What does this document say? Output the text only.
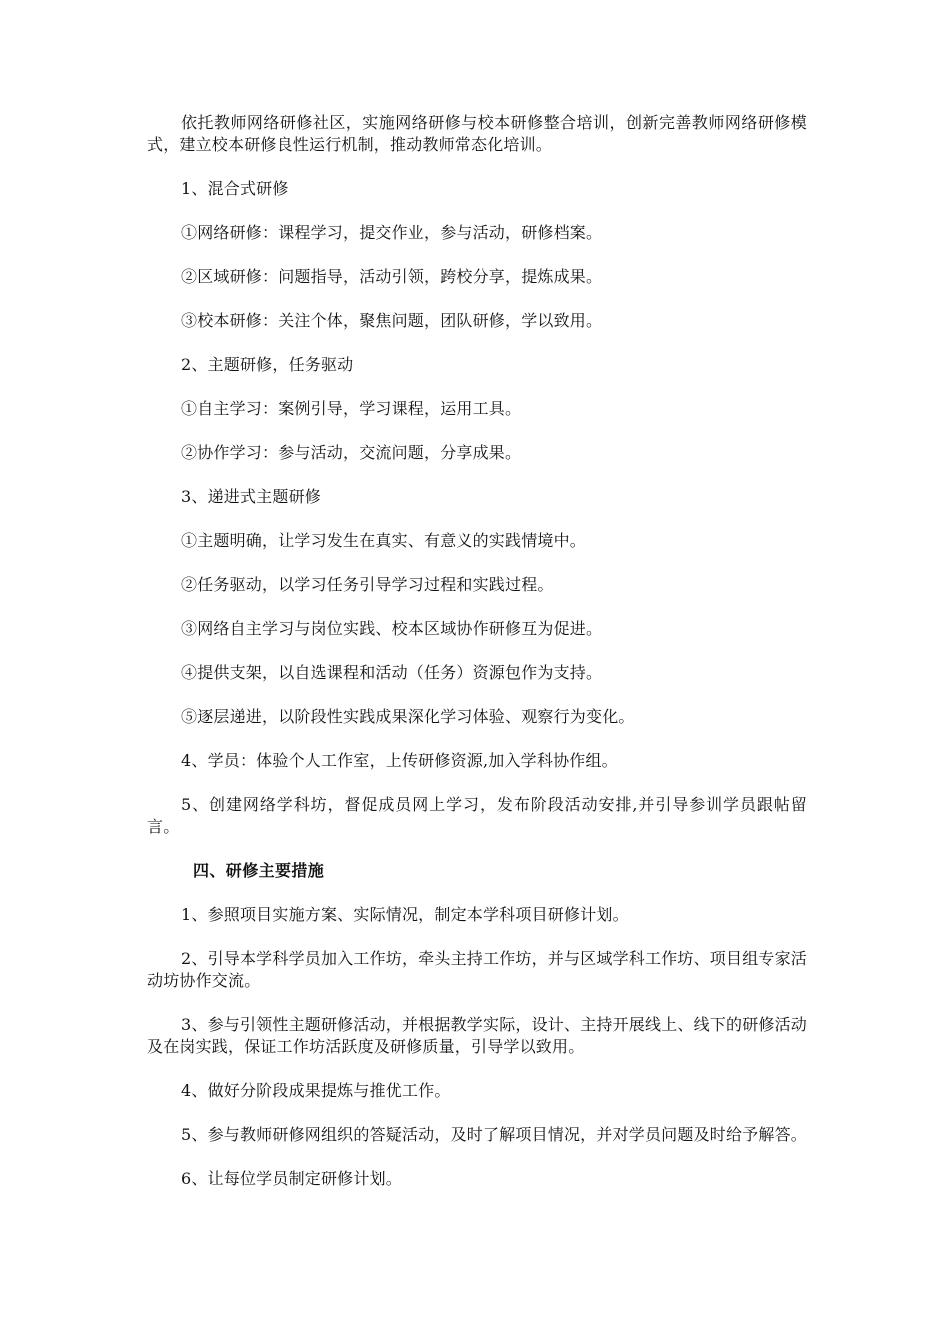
依托教师网络研修社区，实施网络研修与校本研修整合培训，创新完善教师网络研修模式，建立校本研修良性运行机制，推动教师常态化培训。

1、混合式研修

①网络研修：课程学习，提交作业，参与活动，研修档案。

②区域研修：问题指导，活动引领，跨校分享，提炼成果。

③校本研修：关注个体，聚焦问题，团队研修，学以致用。

2、主题研修，任务驱动

①自主学习：案例引导，学习课程，运用工具。

②协作学习：参与活动，交流问题，分享成果。

3、递进式主题研修

①主题明确，让学习发生在真实、有意义的实践情境中。

②任务驱动，以学习任务引导学习过程和实践过程。

③网络自主学习与岗位实践、校本区域协作研修互为促进。

④提供支架，以自选课程和活动（任务）资源包作为支持。

⑤逐层递进，以阶段性实践成果深化学习体验、观察行为变化。

4、学员：体验个人工作室，上传研修资源,加入学科协作组。

5、创建网络学科坊，督促成员网上学习，发布阶段活动安排,并引导参训学员跟帖留言。

四、研修主要措施

1、参照项目实施方案、实际情况，制定本学科项目研修计划。

2、引导本学科学员加入工作坊，牵头主持工作坊，并与区域学科工作坊、项目组专家活动坊协作交流。

3、参与引领性主题研修活动，并根据教学实际，设计、主持开展线上、线下的研修活动及在岗实践，保证工作坊活跃度及研修质量，引导学以致用。

4、做好分阶段成果提炼与推优工作。

5、参与教师研修网组织的答疑活动，及时了解项目情况，并对学员问题及时给予解答。

6、让每位学员制定研修计划。
